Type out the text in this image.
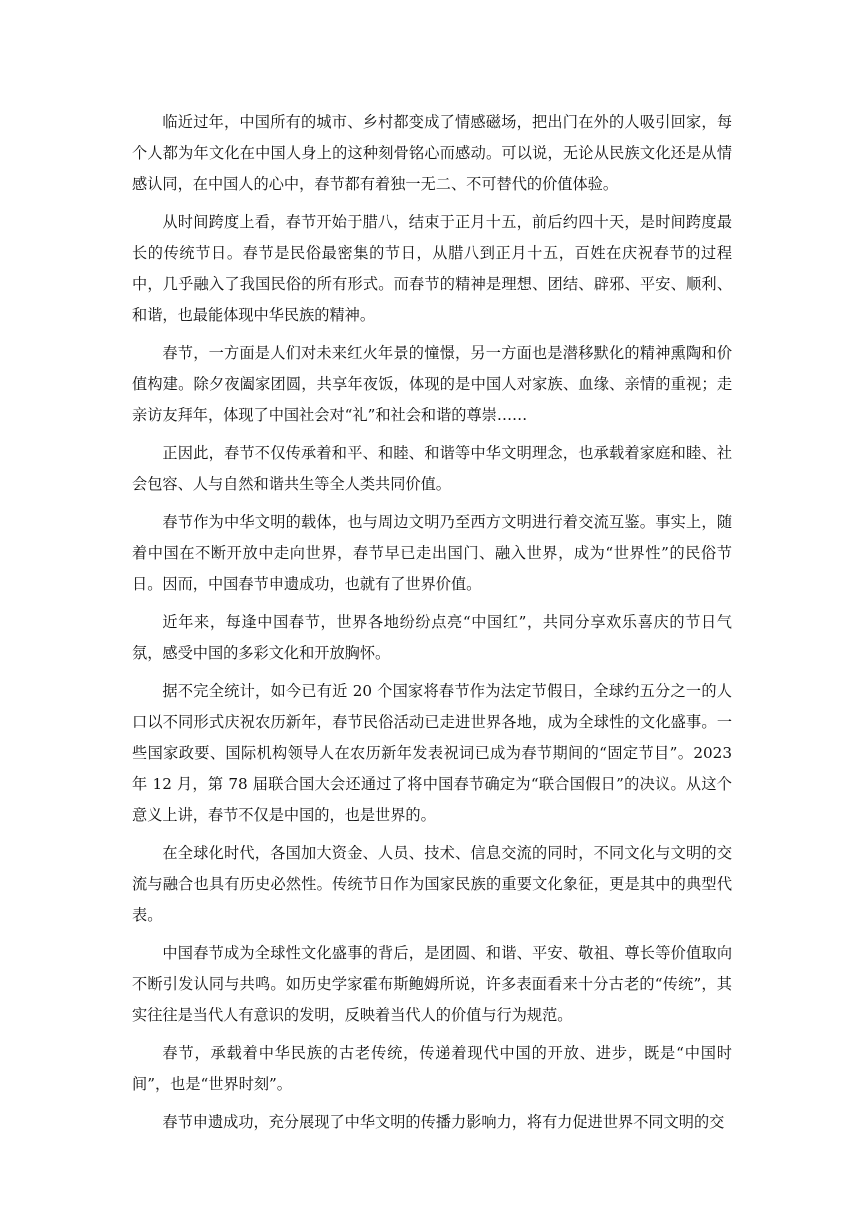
临近过年，中国所有的城市、乡村都变成了情感磁场，把出门在外的人吸引回家，每个人都为年文化在中国人身上的这种刻骨铭心而感动。可以说，无论从民族文化还是从情感认同，在中国人的心中，春节都有着独一无二、不可替代的价值体验。

从时间跨度上看，春节开始于腊八，结束于正月十五，前后约四十天，是时间跨度最长的传统节日。春节是民俗最密集的节日，从腊八到正月十五，百姓在庆祝春节的过程中，几乎融入了我国民俗的所有形式。而春节的精神是理想、团结、辟邪、平安、顺利、和谐，也最能体现中华民族的精神。

春节，一方面是人们对未来红火年景的憧憬，另一方面也是潜移默化的精神熏陶和价值构建。除夕夜阖家团圆，共享年夜饭，体现的是中国人对家族、血缘、亲情的重视；走亲访友拜年，体现了中国社会对“礼”和社会和谐的尊崇……

正因此，春节不仅传承着和平、和睦、和谐等中华文明理念，也承载着家庭和睦、社会包容、人与自然和谐共生等全人类共同价值。

春节作为中华文明的载体，也与周边文明乃至西方文明进行着交流互鉴。事实上，随着中国在不断开放中走向世界，春节早已走出国门、融入世界，成为“世界性”的民俗节日。因而，中国春节申遗成功，也就有了世界价值。

近年来，每逢中国春节，世界各地纷纷点亮“中国红”，共同分享欢乐喜庆的节日气氛，感受中国的多彩文化和开放胸怀。

据不完全统计，如今已有近 20 个国家将春节作为法定节假日，全球约五分之一的人口以不同形式庆祝农历新年，春节民俗活动已走进世界各地，成为全球性的文化盛事。一些国家政要、国际机构领导人在农历新年发表祝词已成为春节期间的“固定节目”。2023 年 12 月，第 78 届联合国大会还通过了将中国春节确定为“联合国假日”的决议。从这个意义上讲，春节不仅是中国的，也是世界的。

在全球化时代，各国加大资金、人员、技术、信息交流的同时，不同文化与文明的交流与融合也具有历史必然性。传统节日作为国家民族的重要文化象征，更是其中的典型代表。

中国春节成为全球性文化盛事的背后，是团圆、和谐、平安、敬祖、尊长等价值取向不断引发认同与共鸣。如历史学家霍布斯鲍姆所说，许多表面看来十分古老的“传统”，其实往往是当代人有意识的发明，反映着当代人的价值与行为规范。

春节，承载着中华民族的古老传统，传递着现代中国的开放、进步，既是“中国时间”，也是“世界时刻”。

春节申遗成功，充分展现了中华文明的传播力影响力，将有力促进世界不同文明的交
